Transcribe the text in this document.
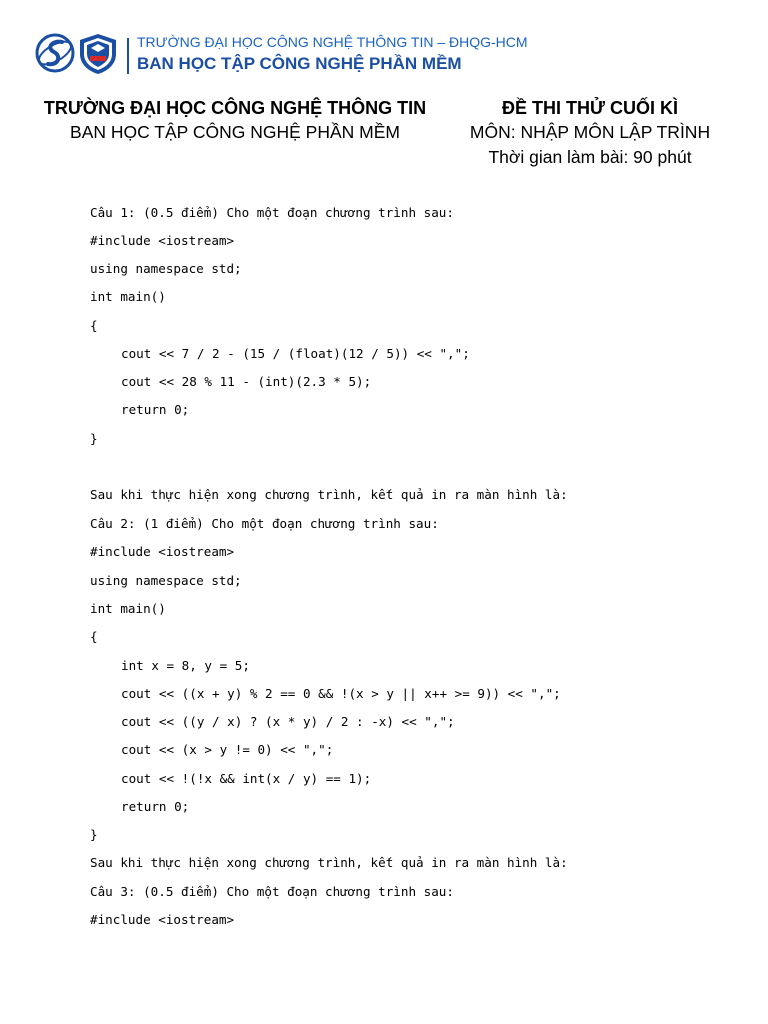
TRƯỜNG ĐẠI HỌC CÔNG NGHỆ THÔNG TIN – ĐHQG-HCM
BAN HỌC TẬP CÔNG NGHỆ PHẦN MỀM
TRƯỜNG ĐẠI HỌC CÔNG NGHỆ THÔNG TIN
BAN HỌC TẬP CÔNG NGHỆ PHẦN MỀM
ĐỀ THI THỬ CUỐI KÌ
MÔN: NHẬP MÔN LẬP TRÌNH
Thời gian làm bài: 90 phút
Câu 1: (0.5 điểm) Cho một đoạn chương trình sau:
#include <iostream>
using namespace std;
int main()
{
cout << 7 / 2 - (15 / (float)(12 / 5)) << ",";
cout << 28 % 11 - (int)(2.3 * 5);
return 0;
}
Sau khi thực hiện xong chương trình, kết quả in ra màn hình là:
Câu 2: (1 điểm) Cho một đoạn chương trình sau:
#include <iostream>
using namespace std;
int main()
{
int x = 8, y = 5;
cout << ((x + y) % 2 == 0 && !(x > y || x++ >= 9)) << ",";
cout << ((y / x) ? (x * y) / 2 : -x) << ",";
cout << (x > y != 0) << ",";
cout << !(!x && int(x / y) == 1);
return 0;
}
Sau khi thực hiện xong chương trình, kết quả in ra màn hình là:
Câu 3: (0.5 điểm) Cho một đoạn chương trình sau:
#include <iostream>
